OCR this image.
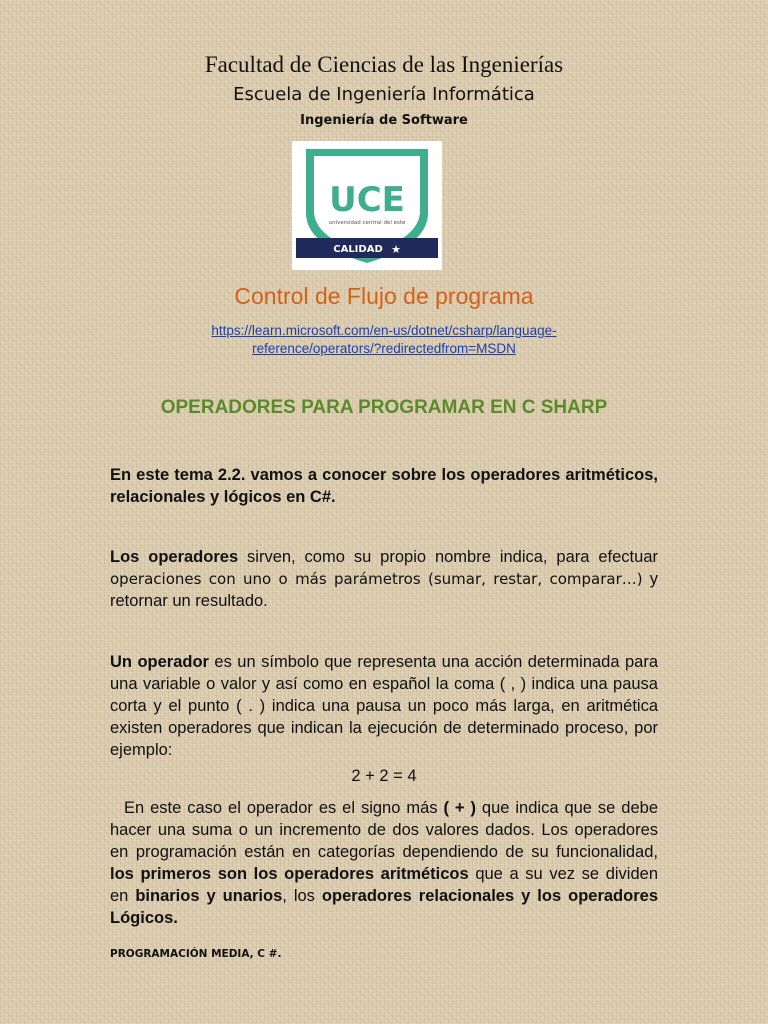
Facultad de Ciencias de las Ingenierías
Escuela de Ingeniería Informática
Ingeniería de Software
UCE
universidad central del este
CALIDAD ★
Control de Flujo de programa
https://learn.microsoft.com/en-us/dotnet/csharp/language-
reference/operators/?redirectedfrom=MSDN
OPERADORES PARA PROGRAMAR EN C SHARP
En este tema 2.2. vamos a conocer sobre los operadores aritméticos, relacionales y lógicos en C#.
Los operadores sirven, como su propio nombre indica, para efectuar operaciones con uno o más parámetros (sumar, restar, comparar…) y retornar un resultado.
Un operador es un símbolo que representa una acción determinada para una variable o valor y así como en español la coma ( , ) indica una pausa corta y el punto ( . ) indica una pausa un poco más larga, en aritmética existen operadores que indican la ejecución de determinado proceso, por ejemplo:
2 + 2 = 4
En este caso el operador es el signo más ( + ) que indica que se debe hacer una suma o un incremento de dos valores dados. Los operadores en programación están en categorías dependiendo de su funcionalidad, los primeros son los operadores aritméticos que a su vez se dividen en binarios y unarios, los operadores relacionales y los operadores Lógicos.
PROGRAMACIÓN MEDIA, C #.
